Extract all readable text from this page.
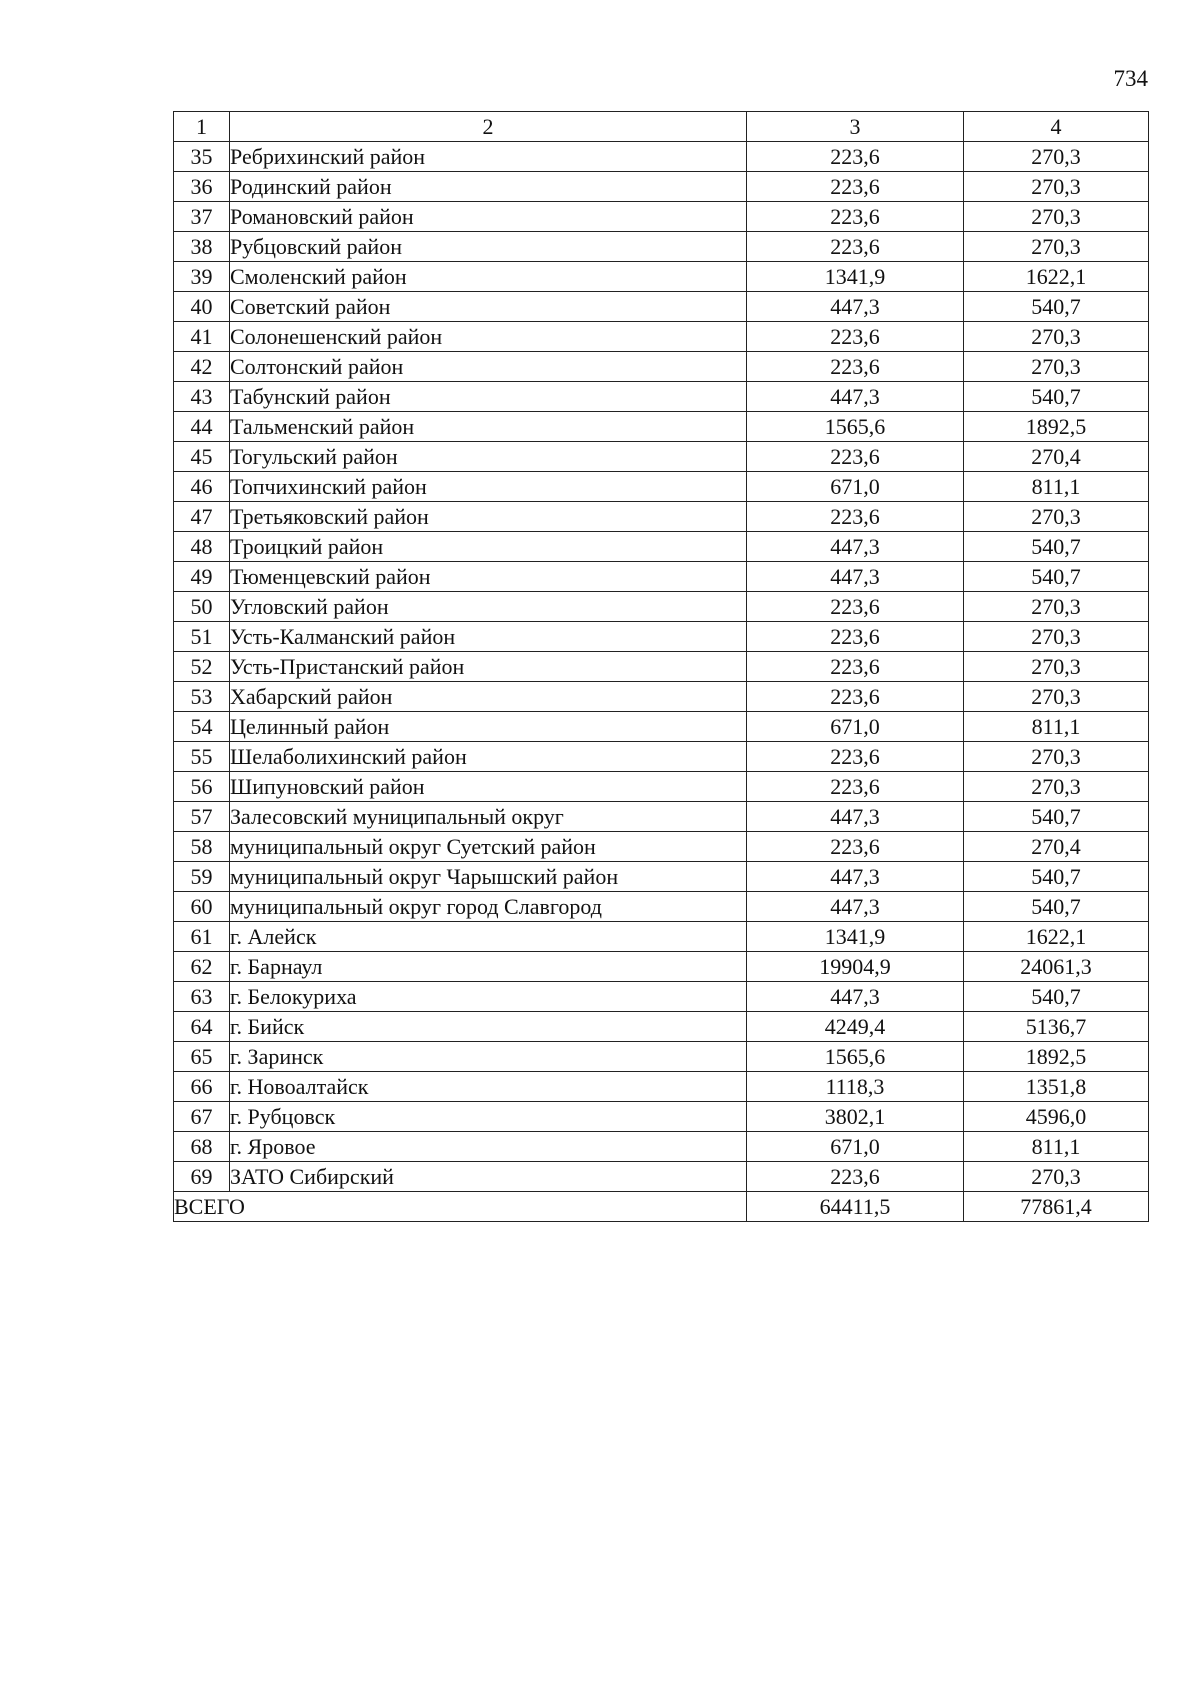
734
1	2	3	4
35	Ребрихинский район	223,6	270,3
36	Родинский район	223,6	270,3
37	Романовский район	223,6	270,3
38	Рубцовский район	223,6	270,3
39	Смоленский район	1341,9	1622,1
40	Советский район	447,3	540,7
41	Солонешенский район	223,6	270,3
42	Солтонский район	223,6	270,3
43	Табунский район	447,3	540,7
44	Тальменский район	1565,6	1892,5
45	Тогульский район	223,6	270,4
46	Топчихинский район	671,0	811,1
47	Третьяковский район	223,6	270,3
48	Троицкий район	447,3	540,7
49	Тюменцевский район	447,3	540,7
50	Угловский район	223,6	270,3
51	Усть-Калманский район	223,6	270,3
52	Усть-Пристанский район	223,6	270,3
53	Хабарский район	223,6	270,3
54	Целинный район	671,0	811,1
55	Шелаболихинский район	223,6	270,3
56	Шипуновский район	223,6	270,3
57	Залесовский муниципальный округ	447,3	540,7
58	муниципальный округ Суетский район	223,6	270,4
59	муниципальный округ Чарышский район	447,3	540,7
60	муниципальный округ город Славгород	447,3	540,7
61	г. Алейск	1341,9	1622,1
62	г. Барнаул	19904,9	24061,3
63	г. Белокуриха	447,3	540,7
64	г. Бийск	4249,4	5136,7
65	г. Заринск	1565,6	1892,5
66	г. Новоалтайск	1118,3	1351,8
67	г. Рубцовск	3802,1	4596,0
68	г. Яровое	671,0	811,1
69	ЗАТО Сибирский	223,6	270,3
ВСЕГО		64411,5	77861,4
